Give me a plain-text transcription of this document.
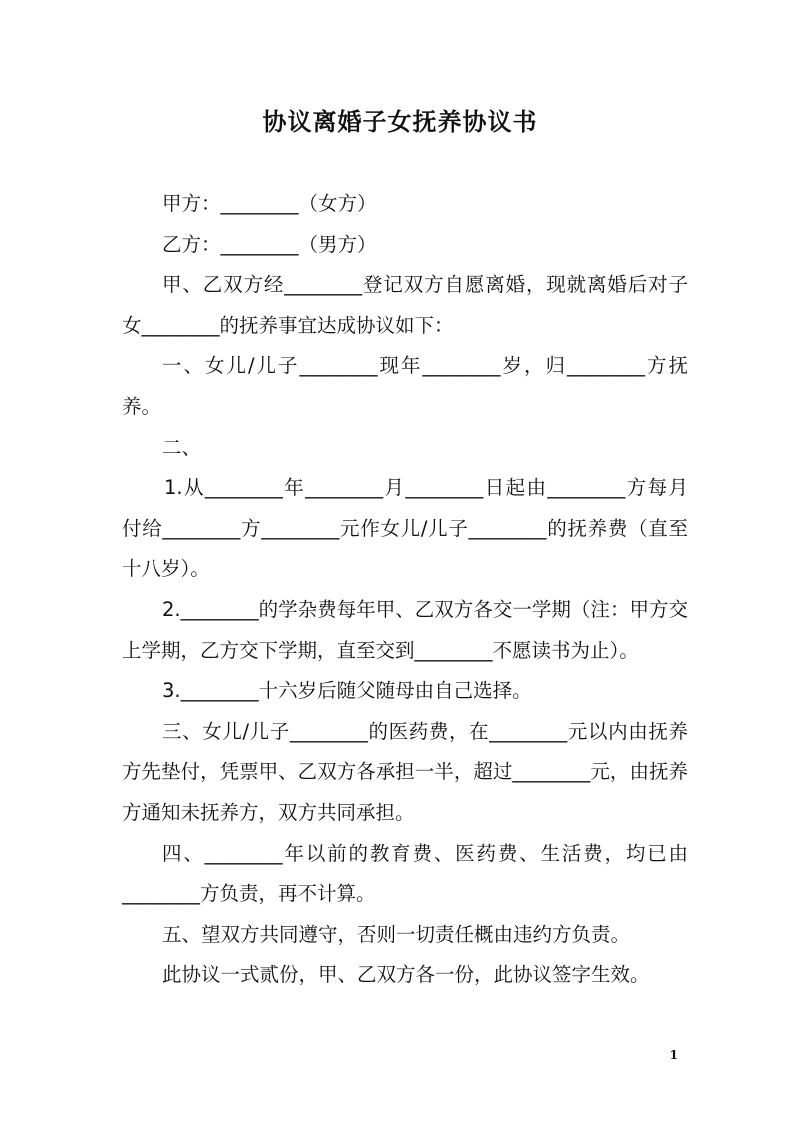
协议离婚子女抚养协议书

甲方：________（女方）

乙方：________（男方）

甲、乙双方经________登记双方自愿离婚，现就离婚后对子女________的抚养事宜达成协议如下：

一、女儿/儿子________现年________岁，归________方抚养。

二、

1.从________年________月________日起由________方每月付给________方________元作女儿/儿子________的抚养费（直至十八岁）。

2.________的学杂费每年甲、乙双方各交一学期（注：甲方交上学期，乙方交下学期，直至交到________不愿读书为止）。

3.________十六岁后随父随母由自己选择。

三、女儿/儿子________的医药费，在________元以内由抚养方先垫付，凭票甲、乙双方各承担一半，超过________元，由抚养方通知未抚养方，双方共同承担。

四、________年以前的教育费、医药费、生活费，均已由________方负责，再不计算。

五、望双方共同遵守，否则一切责任概由违约方负责。

此协议一式贰份，甲、乙双方各一份，此协议签字生效。

1
